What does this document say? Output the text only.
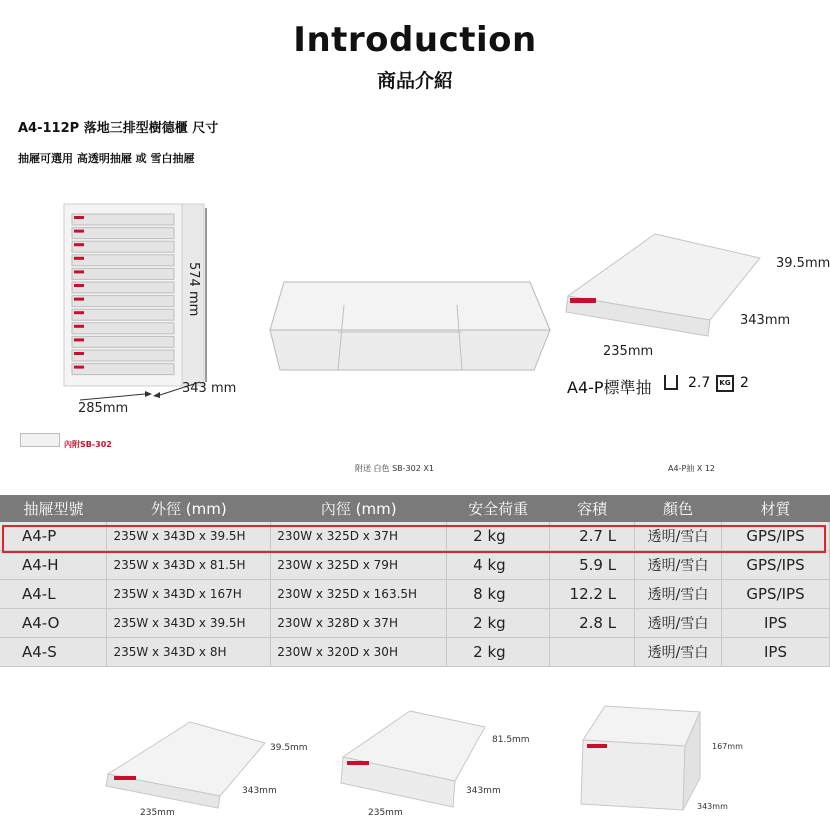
Introduction
商品介紹
A4-112P 落地三排型樹德櫃 尺寸
抽屜可選用 高透明抽屜 或 雪白抽屜
574 mm
285mm
343 mm
內附SB-302
附送 白色 SB-302 X1
39.5mm
343mm
235mm
A4-P標準抽	2.7	KG 2
A4-P抽 X 12
抽屜型號	外徑 (mm)	內徑 (mm)	安全荷重	容積	顏色	材質
A4-P	235W x 343D x 39.5H	230W x 325D x 37H	2 kg	2.7 L	透明/雪白	GPS/IPS
A4-H	235W x 343D x 81.5H	230W x 325D x 79H	4 kg	5.9 L	透明/雪白	GPS/IPS
A4-L	235W x 343D x 167H	230W x 325D x 163.5H	8 kg	12.2 L	透明/雪白	GPS/IPS
A4-O	235W x 343D x 39.5H	230W x 328D x 37H	2 kg	2.8 L	透明/雪白	IPS
A4-S	235W x 343D x 8H	230W x 320D x 30H	2 kg		透明/雪白	IPS
39.5mm
343mm
235mm
81.5mm
343mm
235mm
167mm
343mm
